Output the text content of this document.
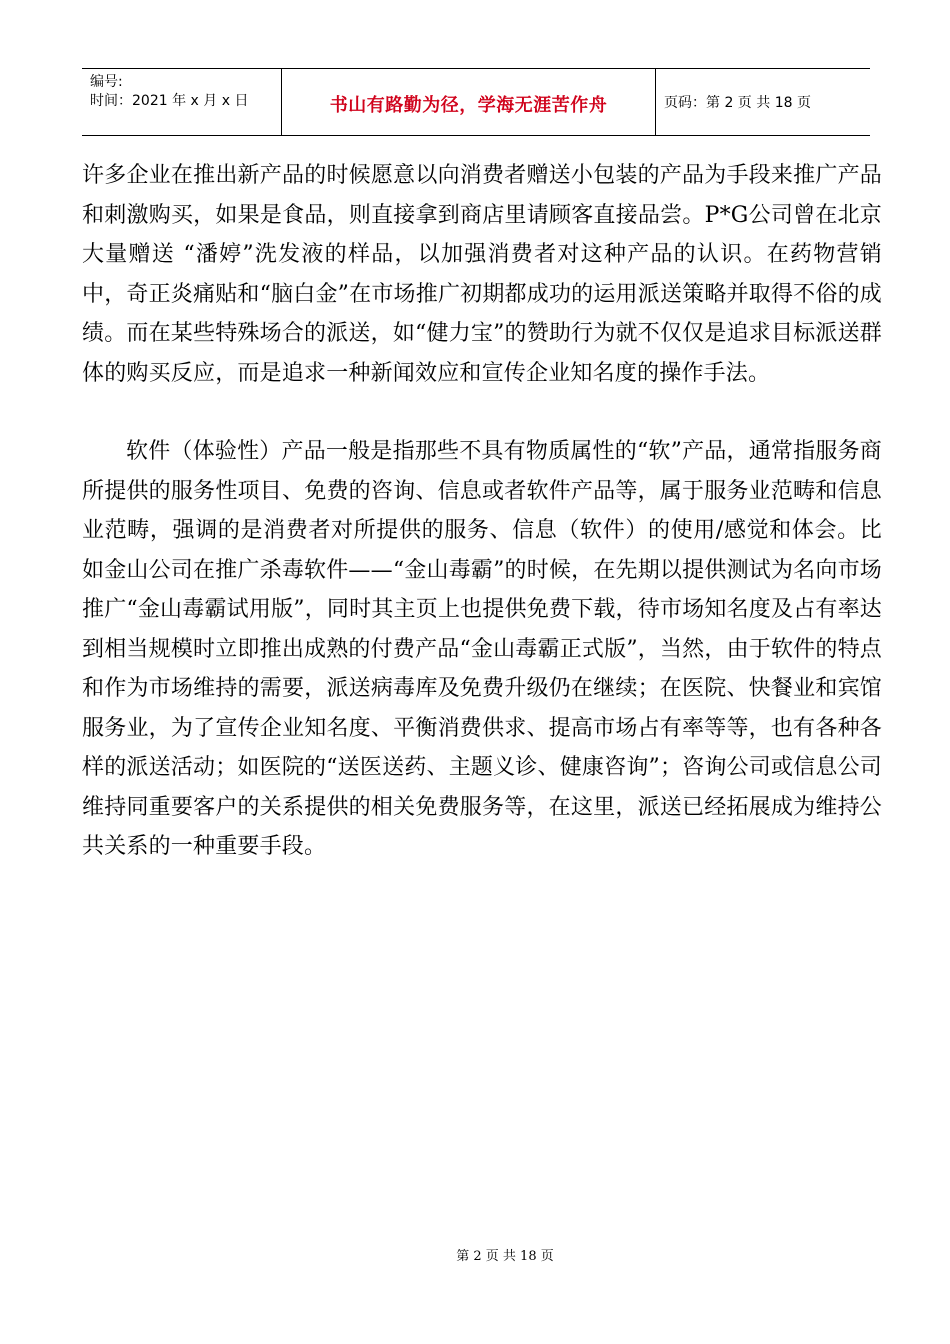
编号:
时间：2021 年 x 月 x 日	书山有路勤为径，学海无涯苦作舟	页码：第 2 页 共 18 页

许多企业在推出新产品的时候愿意以向消费者赠送小包装的产品为手段来推广产品和刺激购买，如果是食品，则直接拿到商店里请顾客直接品尝。P*G公司曾在北京大量赠送 “潘婷”洗发液的样品，以加强消费者对这种产品的认识。在药物营销中，奇正炎痛贴和“脑白金”在市场推广初期都成功的运用派送策略并取得不俗的成绩。而在某些特殊场合的派送，如“健力宝”的赞助行为就不仅仅是追求目标派送群体的购买反应，而是追求一种新闻效应和宣传企业知名度的操作手法。

软件（体验性）产品一般是指那些不具有物质属性的“软”产品，通常指服务商所提供的服务性项目、免费的咨询、信息或者软件产品等，属于服务业范畴和信息业范畴，强调的是消费者对所提供的服务、信息（软件）的使用/感觉和体会。比如金山公司在推广杀毒软件——“金山毒霸”的时候，在先期以提供测试为名向市场推广“金山毒霸试用版”，同时其主页上也提供免费下载，待市场知名度及占有率达到相当规模时立即推出成熟的付费产品“金山毒霸正式版”，当然，由于软件的特点和作为市场维持的需要，派送病毒库及免费升级仍在继续；在医院、快餐业和宾馆服务业，为了宣传企业知名度、平衡消费供求、提高市场占有率等等，也有各种各样的派送活动；如医院的“送医送药、主题义诊、健康咨询”；咨询公司或信息公司维持同重要客户的关系提供的相关免费服务等，在这里，派送已经拓展成为维持公共关系的一种重要手段。

第 2 页 共 18 页
